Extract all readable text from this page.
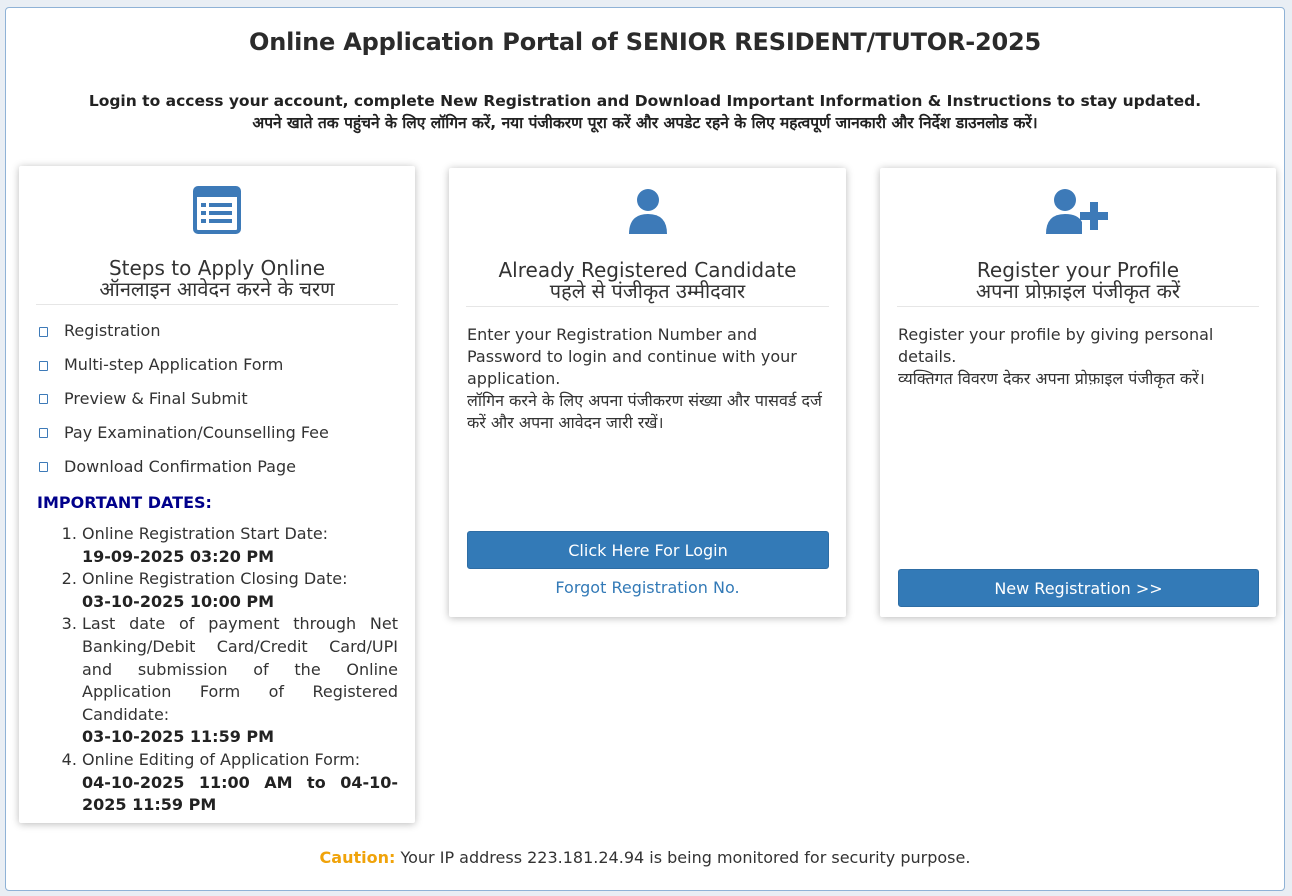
Online Application Portal of SENIOR RESIDENT/TUTOR-2025
Login to access your account, complete New Registration and Download Important Information & Instructions to stay updated.
अपने खाते तक पहुंचने के लिए लॉगिन करें, नया पंजीकरण पूरा करें और अपडेट रहने के लिए महत्वपूर्ण जानकारी और निर्देश डाउनलोड करें।
Steps to Apply Online
ऑनलाइन आवेदन करने के चरण
Registration
Multi-step Application Form
Preview & Final Submit
Pay Examination/Counselling Fee
Download Confirmation Page
IMPORTANT DATES:
1. Online Registration Start Date:
19-09-2025 03:20 PM
2. Online Registration Closing Date:
03-10-2025 10:00 PM
3. Last date of payment through Net Banking/Debit Card/Credit Card/UPI and submission of the Online Application Form of Registered Candidate:
03-10-2025 11:59 PM
4. Online Editing of Application Form:
04-10-2025 11:00 AM to 04-10-2025 11:59 PM
Already Registered Candidate
पहले से पंजीकृत उम्मीदवार
Enter your Registration Number and Password to login and continue with your application.
लॉगिन करने के लिए अपना पंजीकरण संख्या और पासवर्ड दर्ज करें और अपना आवेदन जारी रखें।
Click Here For Login
Forgot Registration No.
Register your Profile
अपना प्रोफ़ाइल पंजीकृत करें
Register your profile by giving personal details.
व्यक्तिगत विवरण देकर अपना प्रोफ़ाइल पंजीकृत करें।
New Registration >>
Caution: Your IP address 223.181.24.94 is being monitored for security purpose.
